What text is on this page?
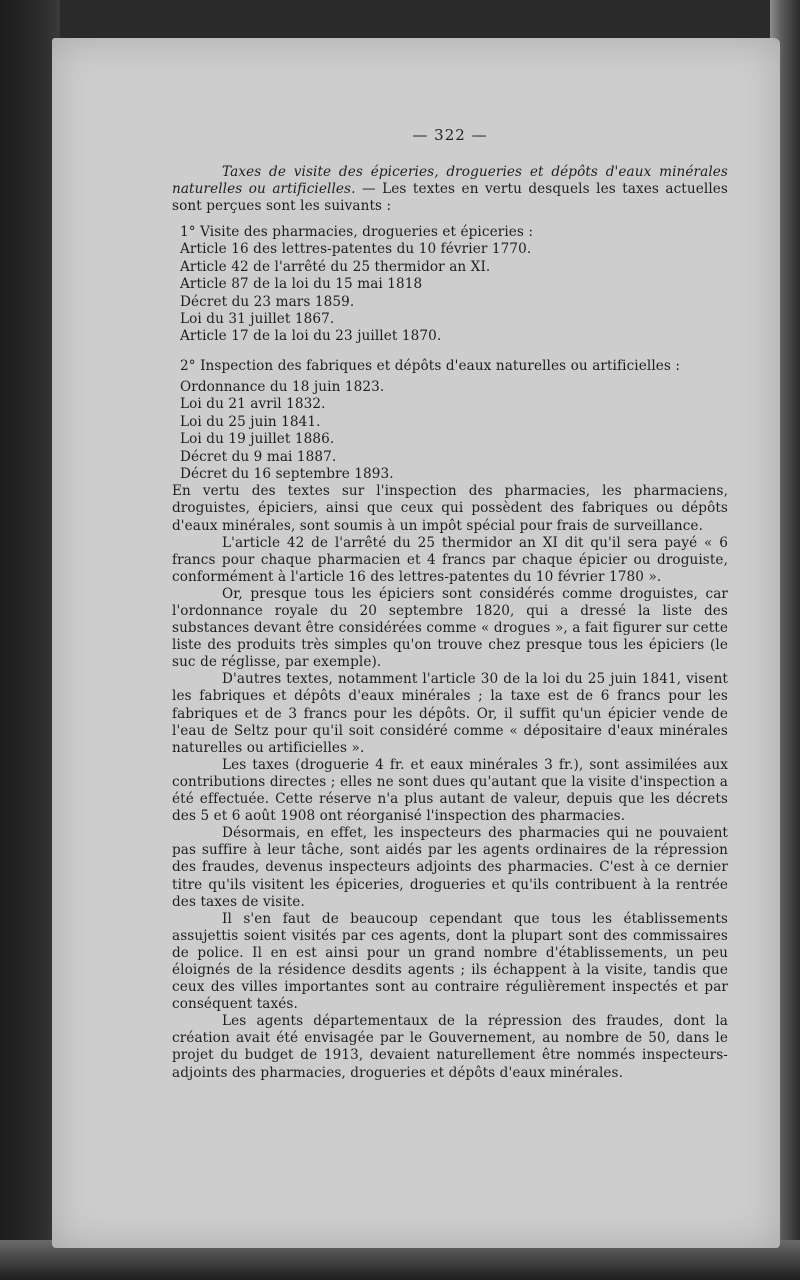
— 322 —

Taxes de visite des épiceries, drogueries et dépôts d'eaux minérales naturelles ou artificielles. — Les textes en vertu desquels les taxes actuelles sont perçues sont les suivants :

1° Visite des pharmacies, drogueries et épiceries :
Article 16 des lettres-patentes du 10 février 1770.
Article 42 de l'arrêté du 25 thermidor an XI.
Article 87 de la loi du 15 mai 1818
Décret du 23 mars 1859.
Loi du 31 juillet 1867.
Article 17 de la loi du 23 juillet 1870.
2° Inspection des fabriques et dépôts d'eaux naturelles ou artificielles :
Ordonnance du 18 juin 1823.
Loi du 21 avril 1832.
Loi du 25 juin 1841.
Loi du 19 juillet 1886.
Décret du 9 mai 1887.
Décret du 16 septembre 1893.

En vertu des textes sur l'inspection des pharmacies, les pharmaciens, droguistes, épiciers, ainsi que ceux qui possèdent des fabriques ou dépôts d'eaux minérales, sont soumis à un impôt spécial pour frais de surveillance.

L'article 42 de l'arrêté du 25 thermidor an XI dit qu'il sera payé « 6 francs pour chaque pharmacien et 4 francs par chaque épicier ou droguiste, conformément à l'article 16 des lettres-patentes du 10 février 1780 ».

Or, presque tous les épiciers sont considérés comme droguistes, car l'ordonnance royale du 20 septembre 1820, qui a dressé la liste des substances devant être considérées comme « drogues », a fait figurer sur cette liste des produits très simples qu'on trouve chez presque tous les épiciers (le suc de réglisse, par exemple).

D'autres textes, notamment l'article 30 de la loi du 25 juin 1841, visent les fabriques et dépôts d'eaux minérales ; la taxe est de 6 francs pour les fabriques et de 3 francs pour les dépôts. Or, il suffit qu'un épicier vende de l'eau de Seltz pour qu'il soit considéré comme « dépositaire d'eaux minérales naturelles ou artificielles ».

Les taxes (droguerie 4 fr. et eaux minérales 3 fr.), sont assimilées aux contributions directes ; elles ne sont dues qu'autant que la visite d'inspection a été effectuée. Cette réserve n'a plus autant de valeur, depuis que les décrets des 5 et 6 août 1908 ont réorganisé l'inspection des pharmacies.

Désormais, en effet, les inspecteurs des pharmacies qui ne pouvaient pas suffire à leur tâche, sont aidés par les agents ordinaires de la répression des fraudes, devenus inspecteurs adjoints des pharmacies. C'est à ce dernier titre qu'ils visitent les épiceries, drogueries et qu'ils contribuent à la rentrée des taxes de visite.

Il s'en faut de beaucoup cependant que tous les établissements assujettis soient visités par ces agents, dont la plupart sont des commissaires de police. Il en est ainsi pour un grand nombre d'établissements, un peu éloignés de la résidence desdits agents ; ils échappent à la visite, tandis que ceux des villes importantes sont au contraire régulièrement inspectés et par conséquent taxés.

Les agents départementaux de la répression des fraudes, dont la création avait été envisagée par le Gouvernement, au nombre de 50, dans le projet du budget de 1913, devaient naturellement être nommés inspecteurs-adjoints des pharmacies, drogueries et dépôts d'eaux minérales.
